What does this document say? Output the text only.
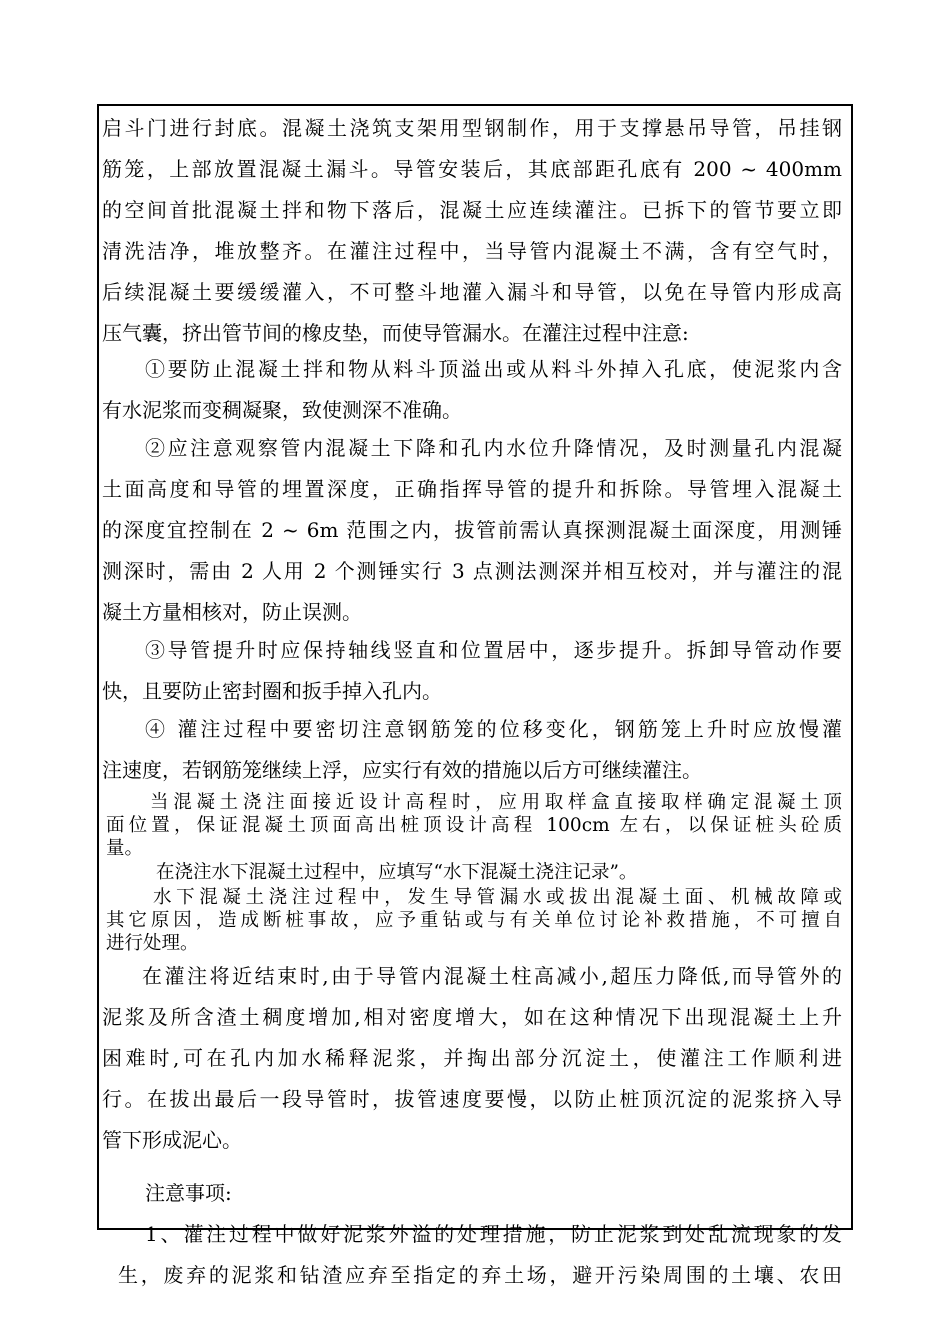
启斗门进行封底。混凝土浇筑支架用型钢制作，用于支撑悬吊导管，吊挂钢

筋笼，上部放置混凝土漏斗。导管安装后，其底部距孔底有 200 ~ 400mm

的空间首批混凝土拌和物下落后，混凝土应连续灌注。已拆下的管节要立即

清洗洁净，堆放整齐。在灌注过程中，当导管内混凝土不满，含有空气时，

后续混凝土要缓缓灌入，不可整斗地灌入漏斗和导管，以免在导管内形成高

压气囊，挤出管节间的橡皮垫，而使导管漏水。在灌注过程中注意:

①要防止混凝土拌和物从料斗顶溢出或从料斗外掉入孔底，使泥浆内含

有水泥浆而变稠凝聚，致使测深不准确。

②应注意观察管内混凝土下降和孔内水位升降情况，及时测量孔内混凝

土面高度和导管的埋置深度，正确指挥导管的提升和拆除。导管埋入混凝土

的深度宜控制在 2 ~ 6m 范围之内，拔管前需认真探测混凝土面深度，用测锤

测深时，需由 2 人用 2 个测锤实行 3 点测法测深并相互校对，并与灌注的混

凝土方量相核对，防止误测。

③导管提升时应保持轴线竖直和位置居中，逐步提升。拆卸导管动作要

快，且要防止密封圈和扳手掉入孔内。

④ 灌注过程中要密切注意钢筋笼的位移变化，钢筋笼上升时应放慢灌

注速度，若钢筋笼继续上浮，应实行有效的措施以后方可继续灌注。

当混凝土浇注面接近设计高程时，应用取样盒直接取样确定混凝土顶

面位置，保证混凝土顶面高出桩顶设计高程 100cm 左右，以保证桩头砼质

量。

在浇注水下混凝土过程中，应填写“水下混凝土浇注记录”。

水下混凝土浇注过程中，发生导管漏水或拔出混凝土面、机械故障或

其它原因，造成断桩事故，应予重钻或与有关单位讨论补救措施，不可擅自

进行处理。

在灌注将近结束时,由于导管内混凝土柱高减小,超压力降低,而导管外的

泥浆及所含渣土稠度增加,相对密度增大，如在这种情况下出现混凝土上升

困难时,可在孔内加水稀释泥浆，并掏出部分沉淀土，使灌注工作顺利进

行。在拔出最后一段导管时，拔管速度要慢，以防止桩顶沉淀的泥浆挤入导

管下形成泥心。

注意事项:

1、灌注过程中做好泥浆外溢的处理措施，防止泥浆到处乱流现象的发

生，废弃的泥浆和钻渣应弃至指定的弃土场，避开污染周围的土壤、农田
